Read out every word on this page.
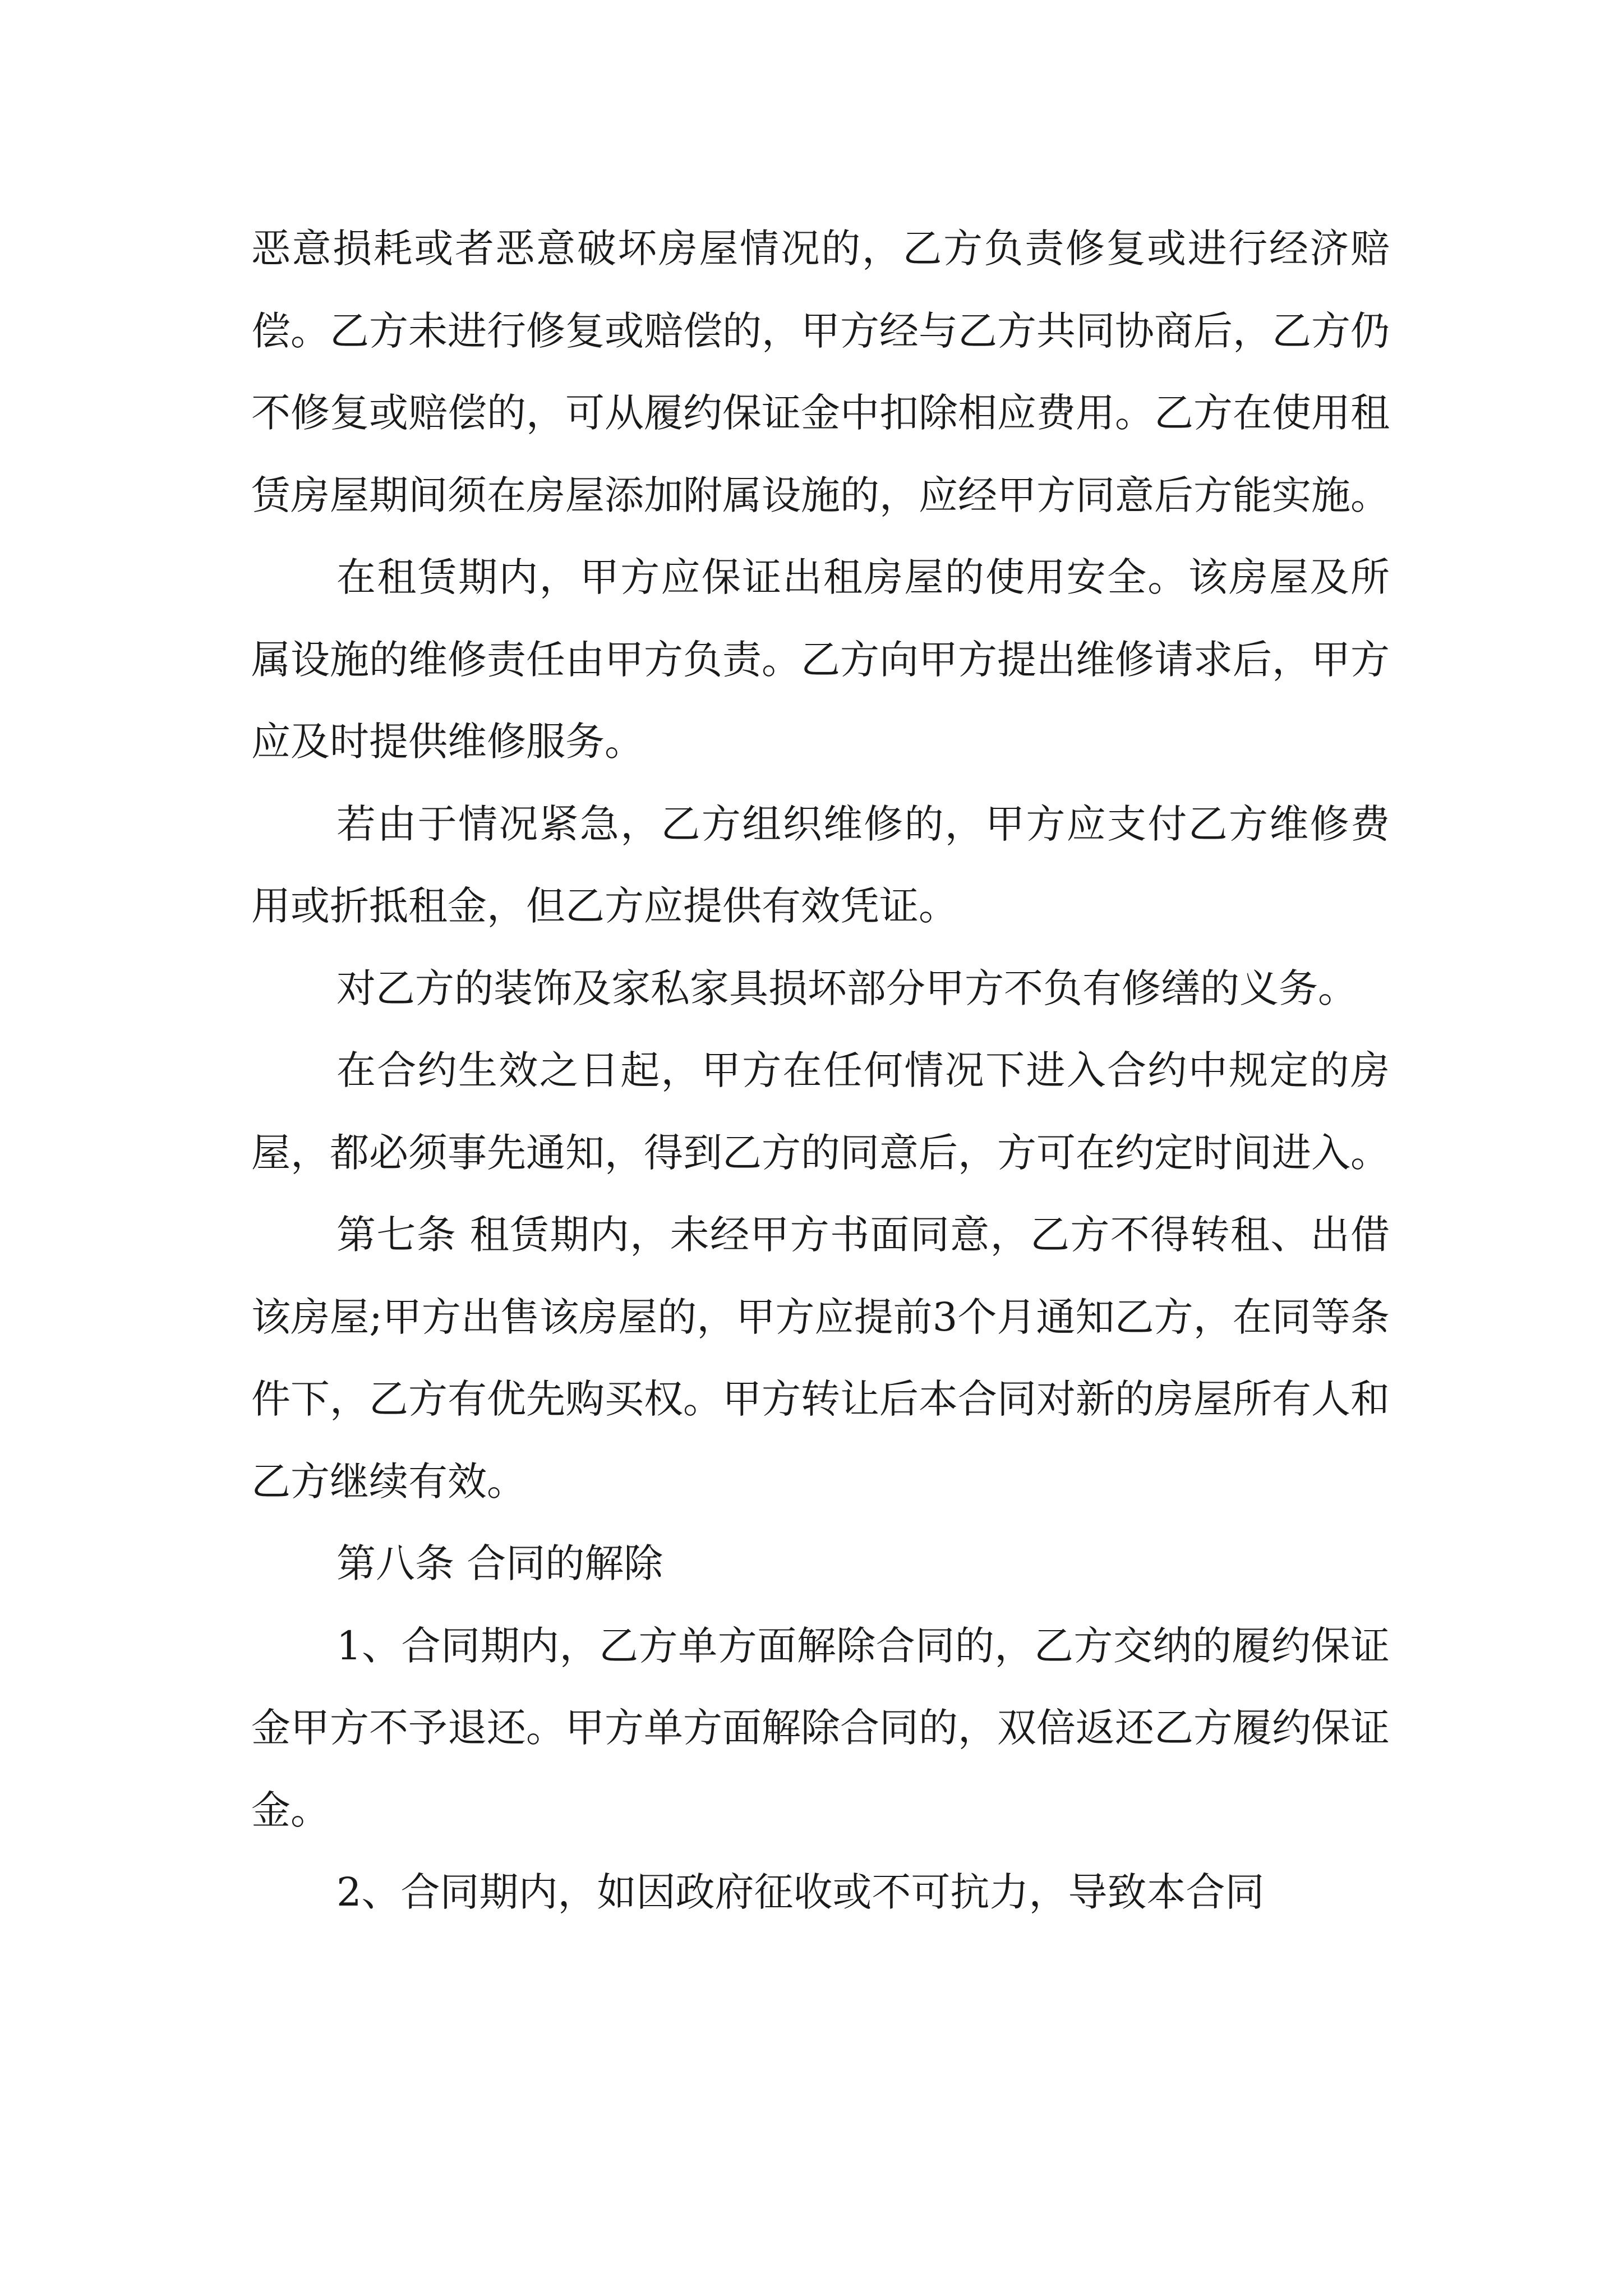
恶意损耗或者恶意破坏房屋情况的，乙方负责修复或进行经济赔偿。乙方未进行修复或赔偿的，甲方经与乙方共同协商后，乙方仍不修复或赔偿的，可从履约保证金中扣除相应费用。乙方在使用租赁房屋期间须在房屋添加附属设施的，应经甲方同意后方能实施。

在租赁期内，甲方应保证出租房屋的使用安全。该房屋及所属设施的维修责任由甲方负责。乙方向甲方提出维修请求后，甲方应及时提供维修服务。

若由于情况紧急，乙方组织维修的，甲方应支付乙方维修费用或折抵租金，但乙方应提供有效凭证。

对乙方的装饰及家私家具损坏部分甲方不负有修缮的义务。

在合约生效之日起，甲方在任何情况下进入合约中规定的房屋，都必须事先通知，得到乙方的同意后，方可在约定时间进入。

第七条 租赁期内，未经甲方书面同意，乙方不得转租、出借该房屋;甲方出售该房屋的，甲方应提前3个月通知乙方，在同等条件下，乙方有优先购买权。甲方转让后本合同对新的房屋所有人和乙方继续有效。

第八条 合同的解除

1、合同期内，乙方单方面解除合同的，乙方交纳的履约保证金甲方不予退还。甲方单方面解除合同的，双倍返还乙方履约保证金。

2、合同期内，如因政府征收或不可抗力，导致本合同
